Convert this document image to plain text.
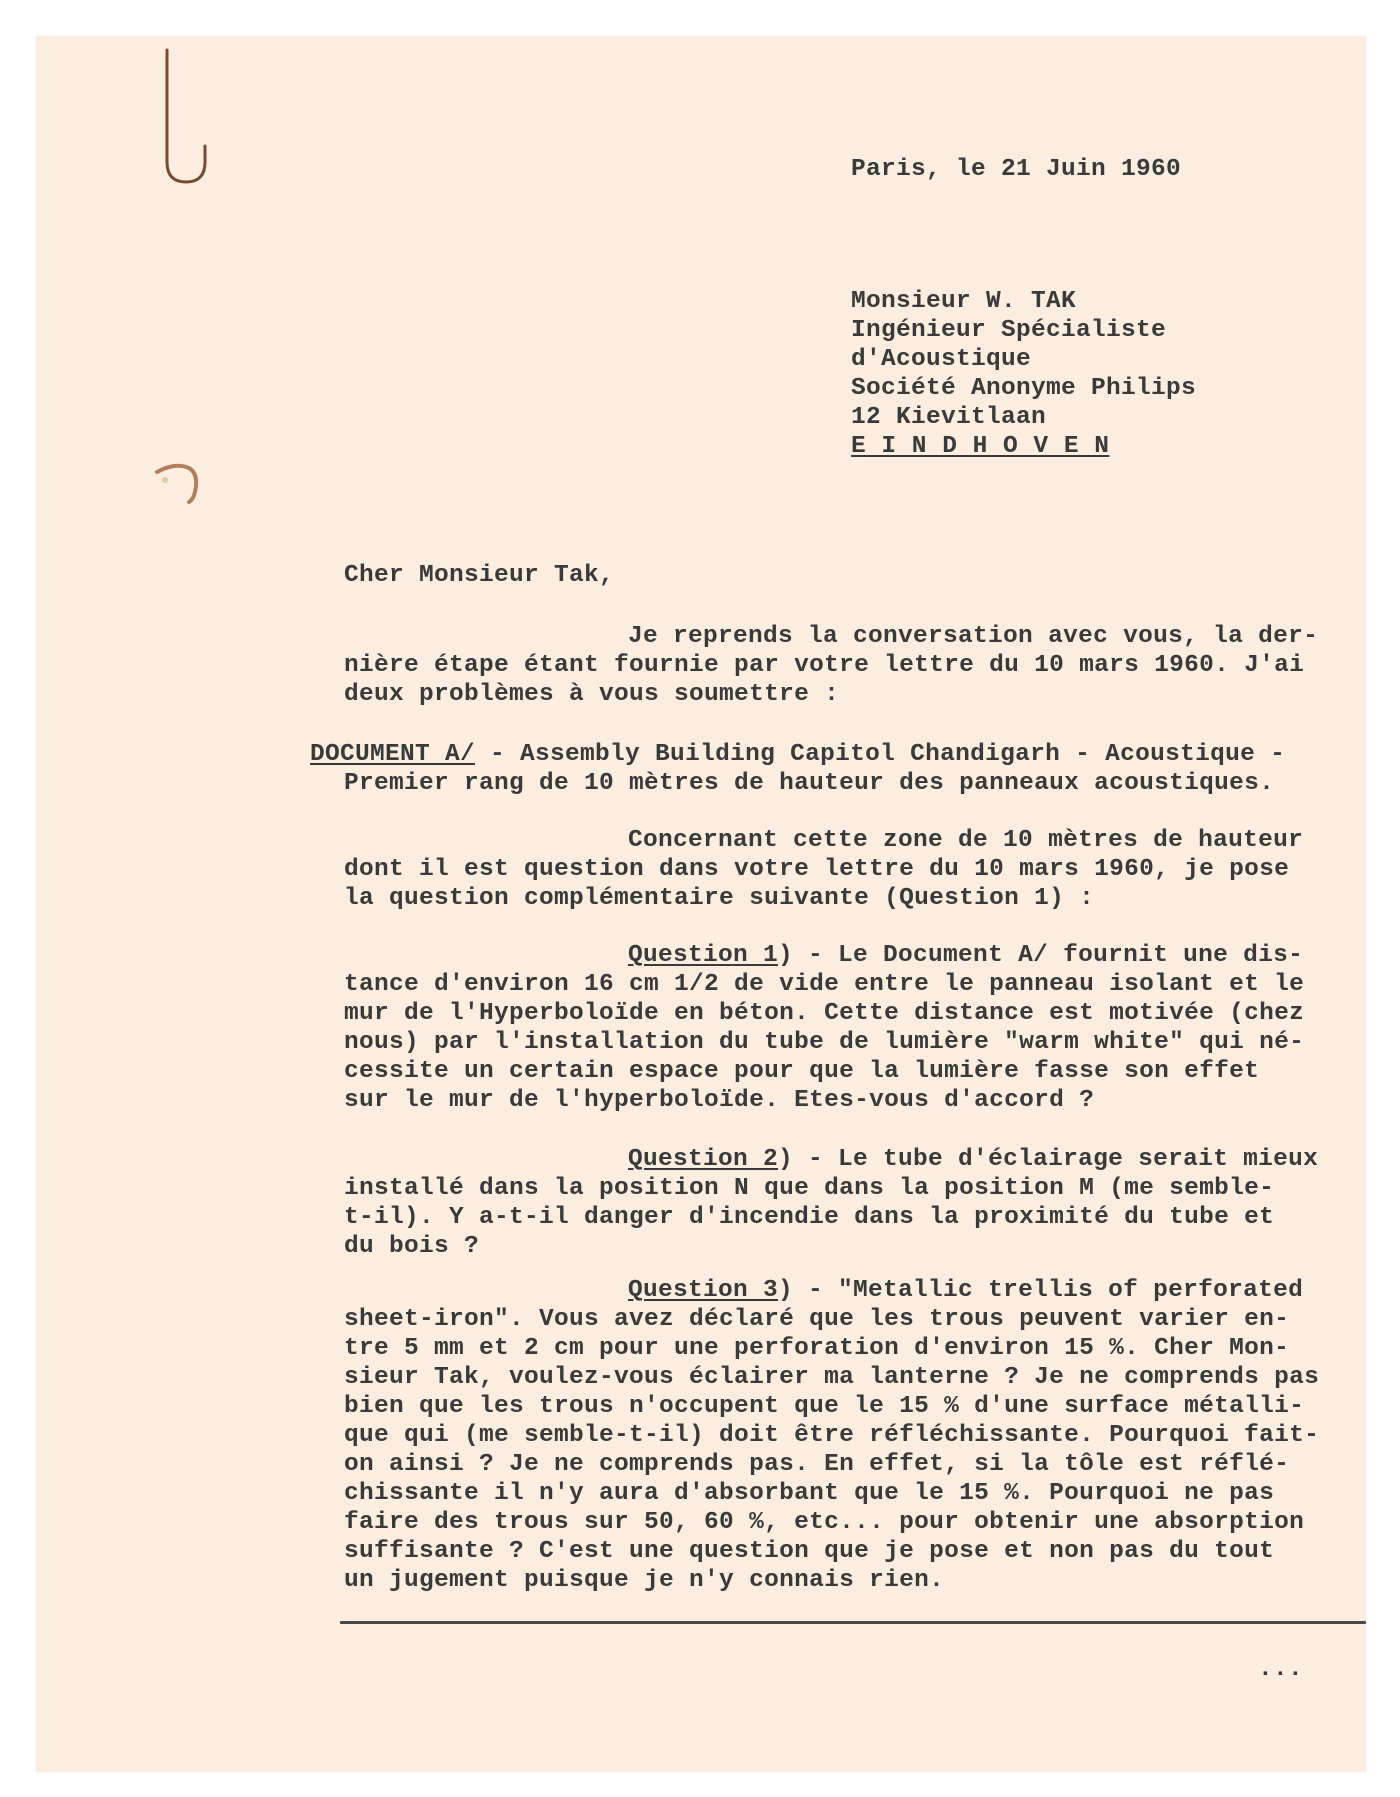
Paris, le 21 Juin 1960
Monsieur W. TAK
Ingénieur Spécialiste
d'Acoustique
Société Anonyme Philips
12 Kievitlaan
E I N D H O V E N
Cher Monsieur Tak,
Je reprends la conversation avec vous, la der-
nière étape étant fournie par votre lettre du 10 mars 1960. J'ai
deux problèmes à vous soumettre :
DOCUMENT A/ - Assembly Building Capitol Chandigarh - Acoustique -
Premier rang de 10 mètres de hauteur des panneaux acoustiques.
Concernant cette zone de 10 mètres de hauteur
dont il est question dans votre lettre du 10 mars 1960, je pose
la question complémentaire suivante (Question 1) :
Question 1) - Le Document A/ fournit une dis-
tance d'environ 16 cm 1/2 de vide entre le panneau isolant et le
mur de l'Hyperboloïde en béton. Cette distance est motivée (chez
nous) par l'installation du tube de lumière "warm white" qui né-
cessite un certain espace pour que la lumière fasse son effet
sur le mur de l'hyperboloïde. Etes-vous d'accord ?
Question 2) - Le tube d'éclairage serait mieux
installé dans la position N que dans la position M (me semble-
t-il). Y a-t-il danger d'incendie dans la proximité du tube et
du bois ?
Question 3) - "Metallic trellis of perforated
sheet-iron". Vous avez déclaré que les trous peuvent varier en-
tre 5 mm et 2 cm pour une perforation d'environ 15 %. Cher Mon-
sieur Tak, voulez-vous éclairer ma lanterne ? Je ne comprends pas
bien que les trous n'occupent que le 15 % d'une surface métalli-
que qui (me semble-t-il) doit être réfléchissante. Pourquoi fait-
on ainsi ? Je ne comprends pas. En effet, si la tôle est réflé-
chissante il n'y aura d'absorbant que le 15 %. Pourquoi ne pas
faire des trous sur 50, 60 %, etc... pour obtenir une absorption
suffisante ? C'est une question que je pose et non pas du tout
un jugement puisque je n'y connais rien.
...
